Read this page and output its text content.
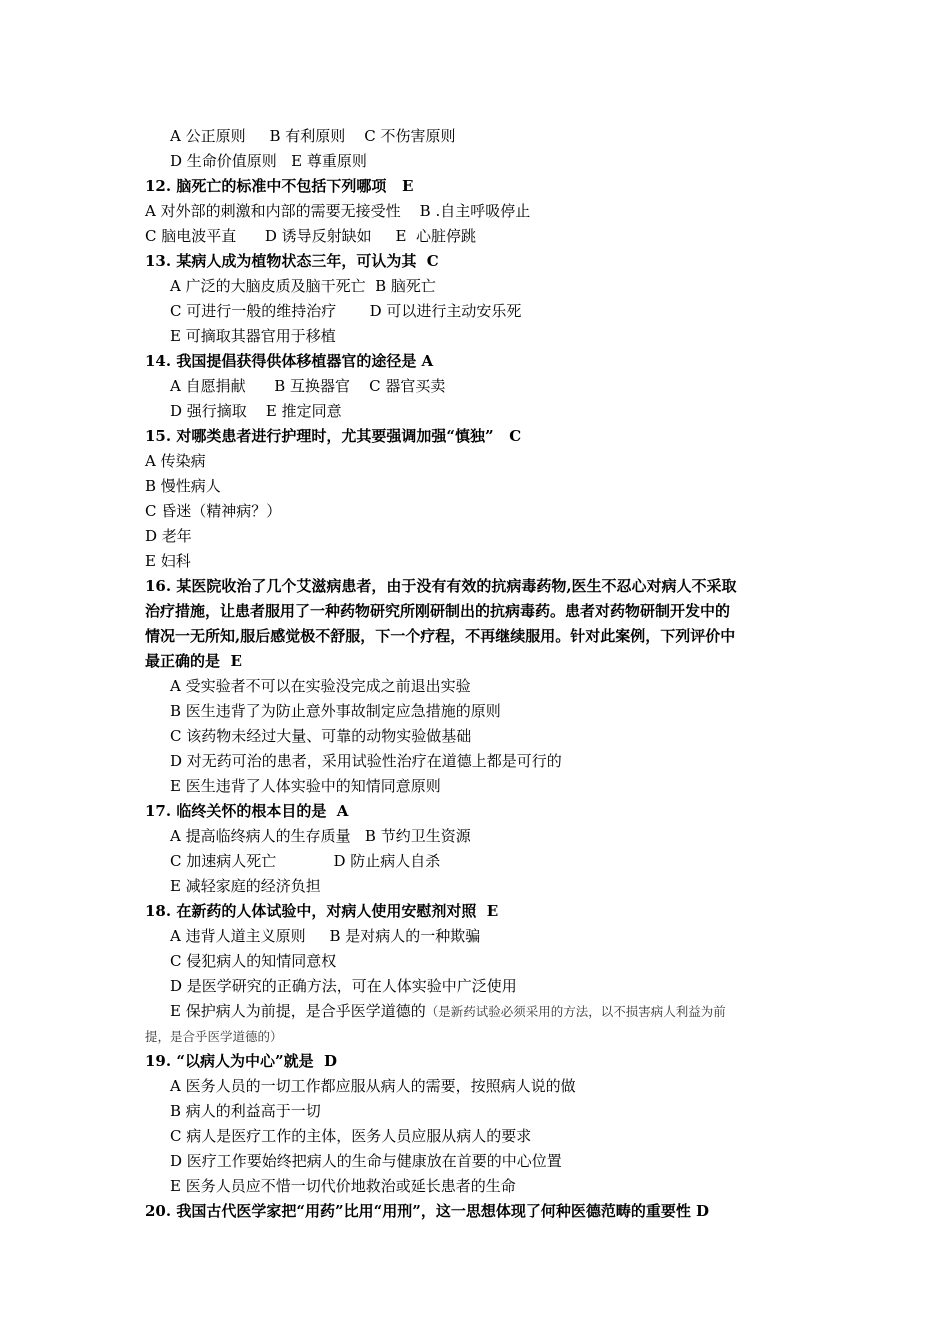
A 公正原则     B 有利原则    C 不伤害原则
D 生命价值原则   E 尊重原则
12. 脑死亡的标准中不包括下列哪项   E
A 对外部的刺激和内部的需要无接受性    B .自主呼吸停止
C 脑电波平直      D 诱导反射缺如     E  心脏停跳
13. 某病人成为植物状态三年，可认为其  C
A 广泛的大脑皮质及脑干死亡  B 脑死亡
C 可进行一般的维持治疗       D 可以进行主动安乐死
E 可摘取其器官用于移植
14. 我国提倡获得供体移植器官的途径是 A
A 自愿捐献      B 互换器官    C 器官买卖
D 强行摘取    E 推定同意
15. 对哪类患者进行护理时，尤其要强调加强“慎独”   C
A 传染病
B 慢性病人
C 昏迷（精神病？）
D 老年
E 妇科
16. 某医院收治了几个艾滋病患者，由于没有有效的抗病毒药物,医生不忍心对病人不采取
治疗措施，让患者服用了一种药物研究所刚研制出的抗病毒药。患者对药物研制开发中的
情况一无所知,服后感觉极不舒服，下一个疗程，不再继续服用。针对此案例，下列评价中
最正确的是  E
A 受实验者不可以在实验没完成之前退出实验
B 医生违背了为防止意外事故制定应急措施的原则
C 该药物未经过大量、可靠的动物实验做基础
D 对无药可治的患者，采用试验性治疗在道德上都是可行的
E 医生违背了人体实验中的知情同意原则
17. 临终关怀的根本目的是  A
A 提高临终病人的生存质量   B 节约卫生资源
C 加速病人死亡            D 防止病人自杀
E 减轻家庭的经济负担
18. 在新药的人体试验中，对病人使用安慰剂对照  E
A 违背人道主义原则     B 是对病人的一种欺骗
C 侵犯病人的知情同意权
D 是医学研究的正确方法，可在人体实验中广泛使用
E 保护病人为前提，是合乎医学道德的（是新药试验必须采用的方法，以不损害病人利益为前
提，是合乎医学道德的）
19. “以病人为中心”就是  D
A 医务人员的一切工作都应服从病人的需要，按照病人说的做
B 病人的利益高于一切
C 病人是医疗工作的主体，医务人员应服从病人的要求
D 医疗工作要始终把病人的生命与健康放在首要的中心位置
E 医务人员应不惜一切代价地救治或延长患者的生命
20. 我国古代医学家把“用药”比用“用刑”，这一思想体现了何种医德范畴的重要性 D
